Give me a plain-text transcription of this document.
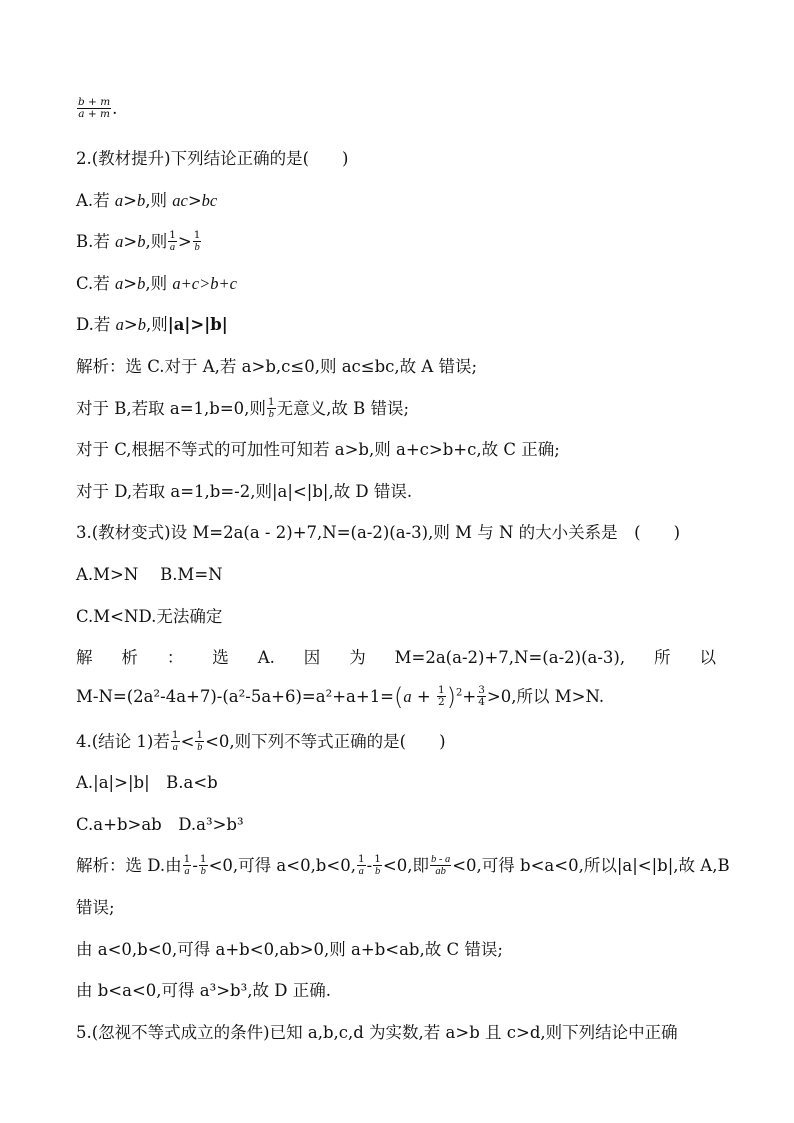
$\frac{b + m}{a + m}$ .
2.(教材提升)下列结论正确的是(　　)
A.若 a>b,则 ac>bc
B.若 a>b,则 $\frac{1}{a} > \frac{1}{b}$
C.若 a>b,则 a+c>b+c
D.若 a>b,则|a|>|b|
解析：选 C.对于 A,若 a>b,c≤0,则 ac≤bc,故 A 错误;
对于 B,若取 a=1,b=0,则 $\frac{1}{b}$ 无意义,故 B 错误;
对于 C,根据不等式的可加性可知若 a>b,则 a+c>b+c,故 C 正确;
对于 D,若取 a=1,b=-2,则|a|<|b|,故 D 错误.
3.(教材变式)设 M=2a(a - 2)+7,N=(a-2)(a-3),则 M 与 N 的大小关系是　(　　)
A.M>N　 B.M=N
C.M<ND.无法确定
解 析 ： 选 A. 因 为 M=2a(a-2)+7,N=(a-2)(a-3), 所 以
$M-N=(2a^2-4a+7)-(a^2-5a+6)=a^2+a+1=(a + \frac{1}{2} )^2+ \frac{3}{4} >0$,所以 M>N.
4.(结论 1)若 $\frac{1}{a} < \frac{1}{b} <0$,则下列不等式正确的是(　　)
A.|a|>|b|　B.a<b
C.a+b>ab　D.a³>b³
解析：选 D.由 $\frac{1}{a} - \frac{1}{b} <0$,可得 a<0,b<0, $\frac{1}{a} - \frac{1}{b} <0$,即 $\frac{b - a}{ab} <0$,可得 b<a<0,所以|a|<|b|,故 A,B
错误;
由 a<0,b<0,可得 a+b<0,ab>0,则 a+b<ab,故 C 错误;
由 b<a<0,可得 a³>b³,故 D 正确.
5.(忽视不等式成立的条件)已知 a,b,c,d 为实数,若 a>b 且 c>d,则下列结论中正确
